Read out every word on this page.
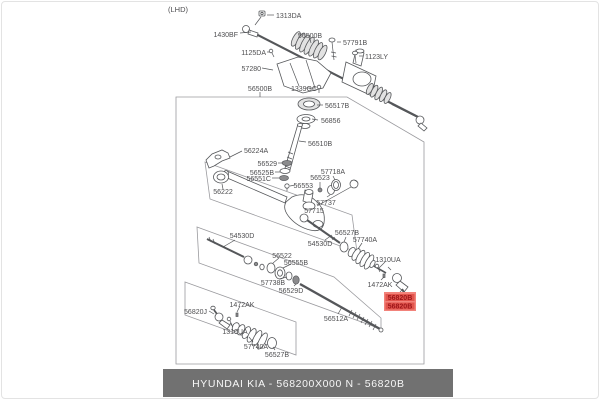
(LHD)
1313DA
1430BF	56500B
57791B
1125DA
1123LY
57280
56500B	1339GC
56517B
56856
56510B
56224A
56529
56525B
56551C
57718A
56523
56553
56222
57737
57715
54530D
54530D
56527B
57740A
1310UA
56522
56555B
1472AK
57738B
56529D
56512A
1472AK
56820J
1310UA
57740A
56527B
56820B
56820B
HYUNDAI KIA - 568200X000 N - 56820B
